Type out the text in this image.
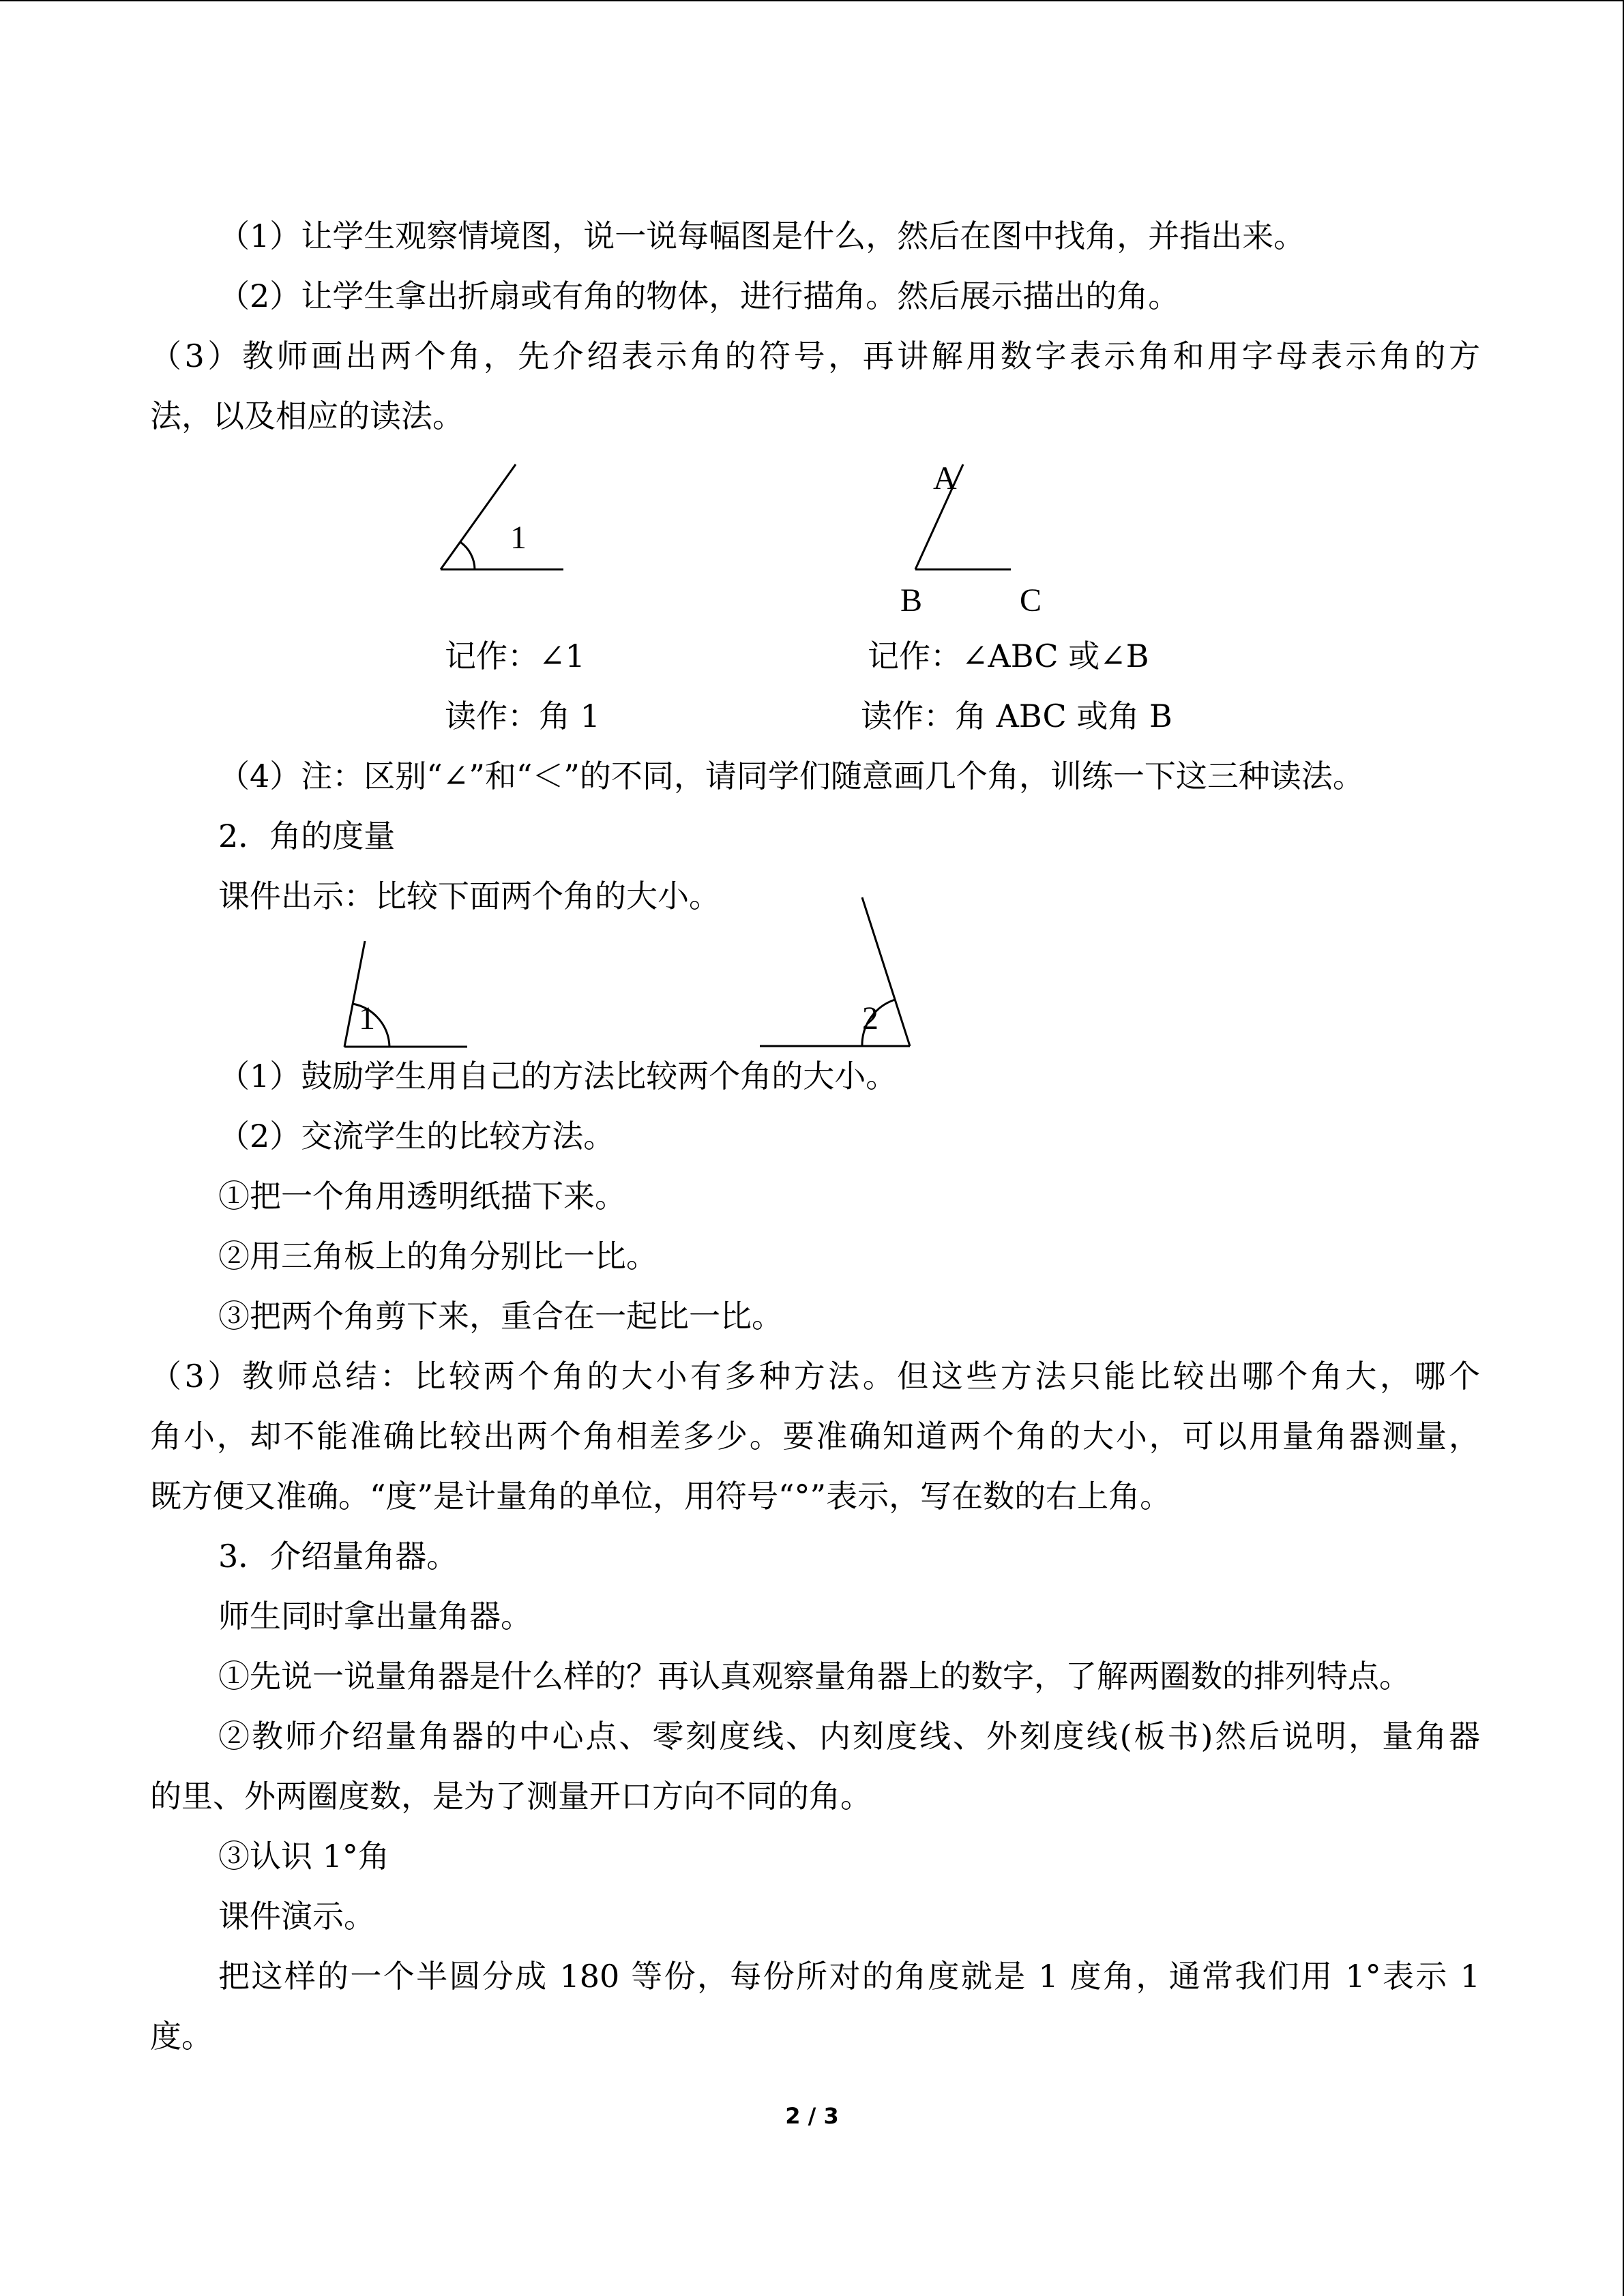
（1）让学生观察情境图，说一说每幅图是什么，然后在图中找角，并指出来。
（2）让学生拿出折扇或有角的物体，进行描角。然后展示描出的角。
（3）教师画出两个角，先介绍表示角的符号，再讲解用数字表示角和用字母表示角的方
法，以及相应的读法。
1
A
B	C
记作：∠1	记作：∠ABC 或∠B
读作：角 1	读作：角 ABC 或角 B
（4）注：区别“∠”和“＜”的不同，请同学们随意画几个角，训练一下这三种读法。
2．角的度量
课件出示：比较下面两个角的大小。
1	2
（1）鼓励学生用自己的方法比较两个角的大小。
（2）交流学生的比较方法。
①把一个角用透明纸描下来。
②用三角板上的角分别比一比。
③把两个角剪下来，重合在一起比一比。
（3）教师总结：比较两个角的大小有多种方法。但这些方法只能比较出哪个角大，哪个
角小，却不能准确比较出两个角相差多少。要准确知道两个角的大小，可以用量角器测量，
既方便又准确。“度”是计量角的单位，用符号“°”表示，写在数的右上角。
3．介绍量角器。
师生同时拿出量角器。
①先说一说量角器是什么样的？再认真观察量角器上的数字，了解两圈数的排列特点。
②教师介绍量角器的中心点、零刻度线、内刻度线、外刻度线(板书)然后说明，量角器
的里、外两圈度数，是为了测量开口方向不同的角。
③认识 1°角
课件演示。
把这样的一个半圆分成 180 等份，每份所对的角度就是 1 度角，通常我们用 1°表示 1
度。
2 / 3
